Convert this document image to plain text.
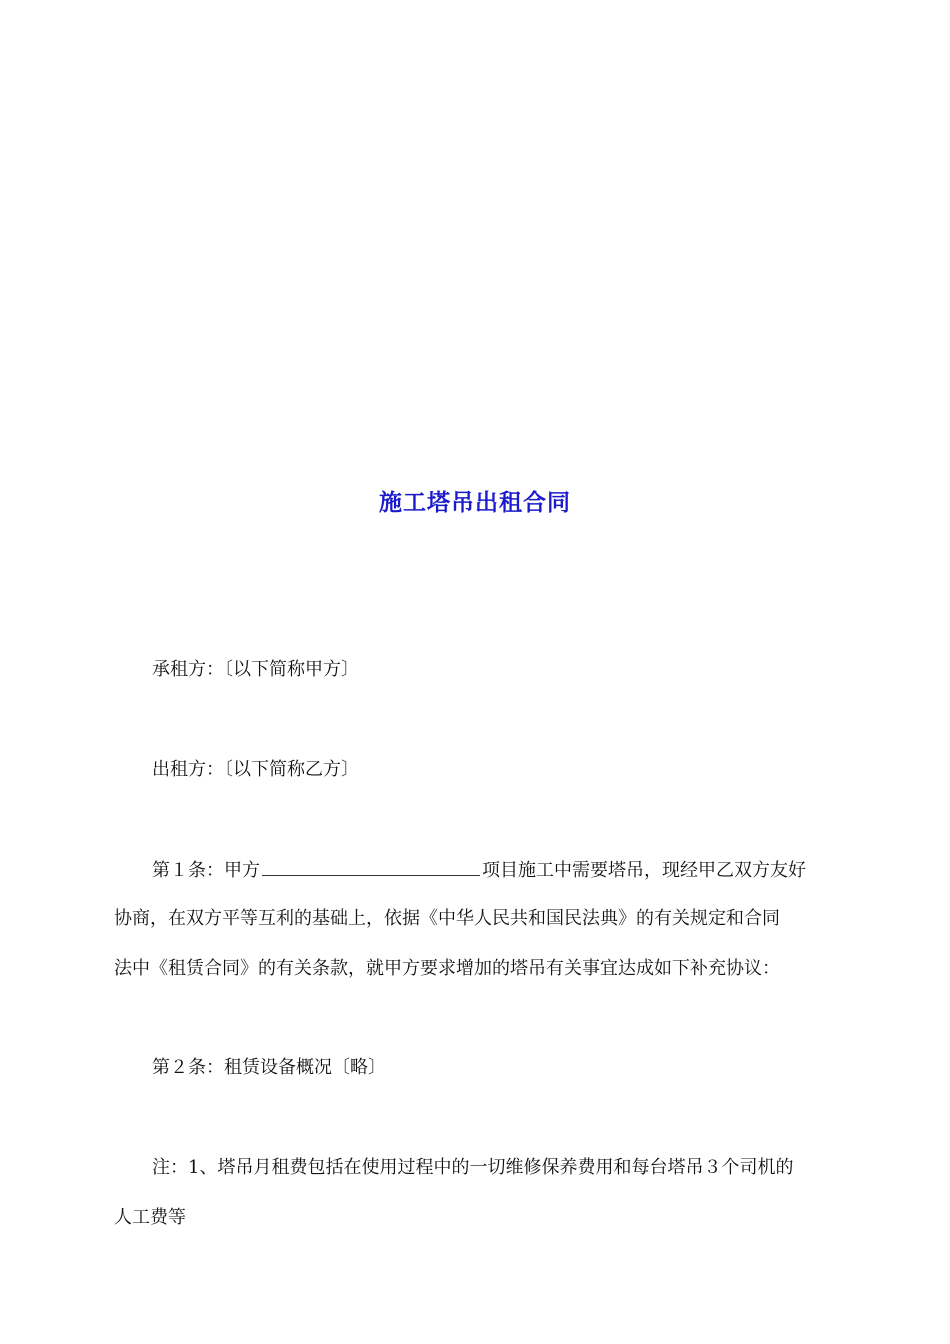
施工塔吊出租合同
承租方：〔以下简称甲方〕
出租方：〔以下简称乙方〕
第１条：甲方	项目施工中需要塔吊，现经甲乙双方友好
协商，在双方平等互利的基础上，依据《中华人民共和国民法典》的有关规定和合同
法中《租赁合同》的有关条款，就甲方要求增加的塔吊有关事宜达成如下补充协议：
第２条：租赁设备概况〔略〕
注：1、塔吊月租费包括在使用过程中的一切维修保养费用和每台塔吊３个司机的
人工费等
